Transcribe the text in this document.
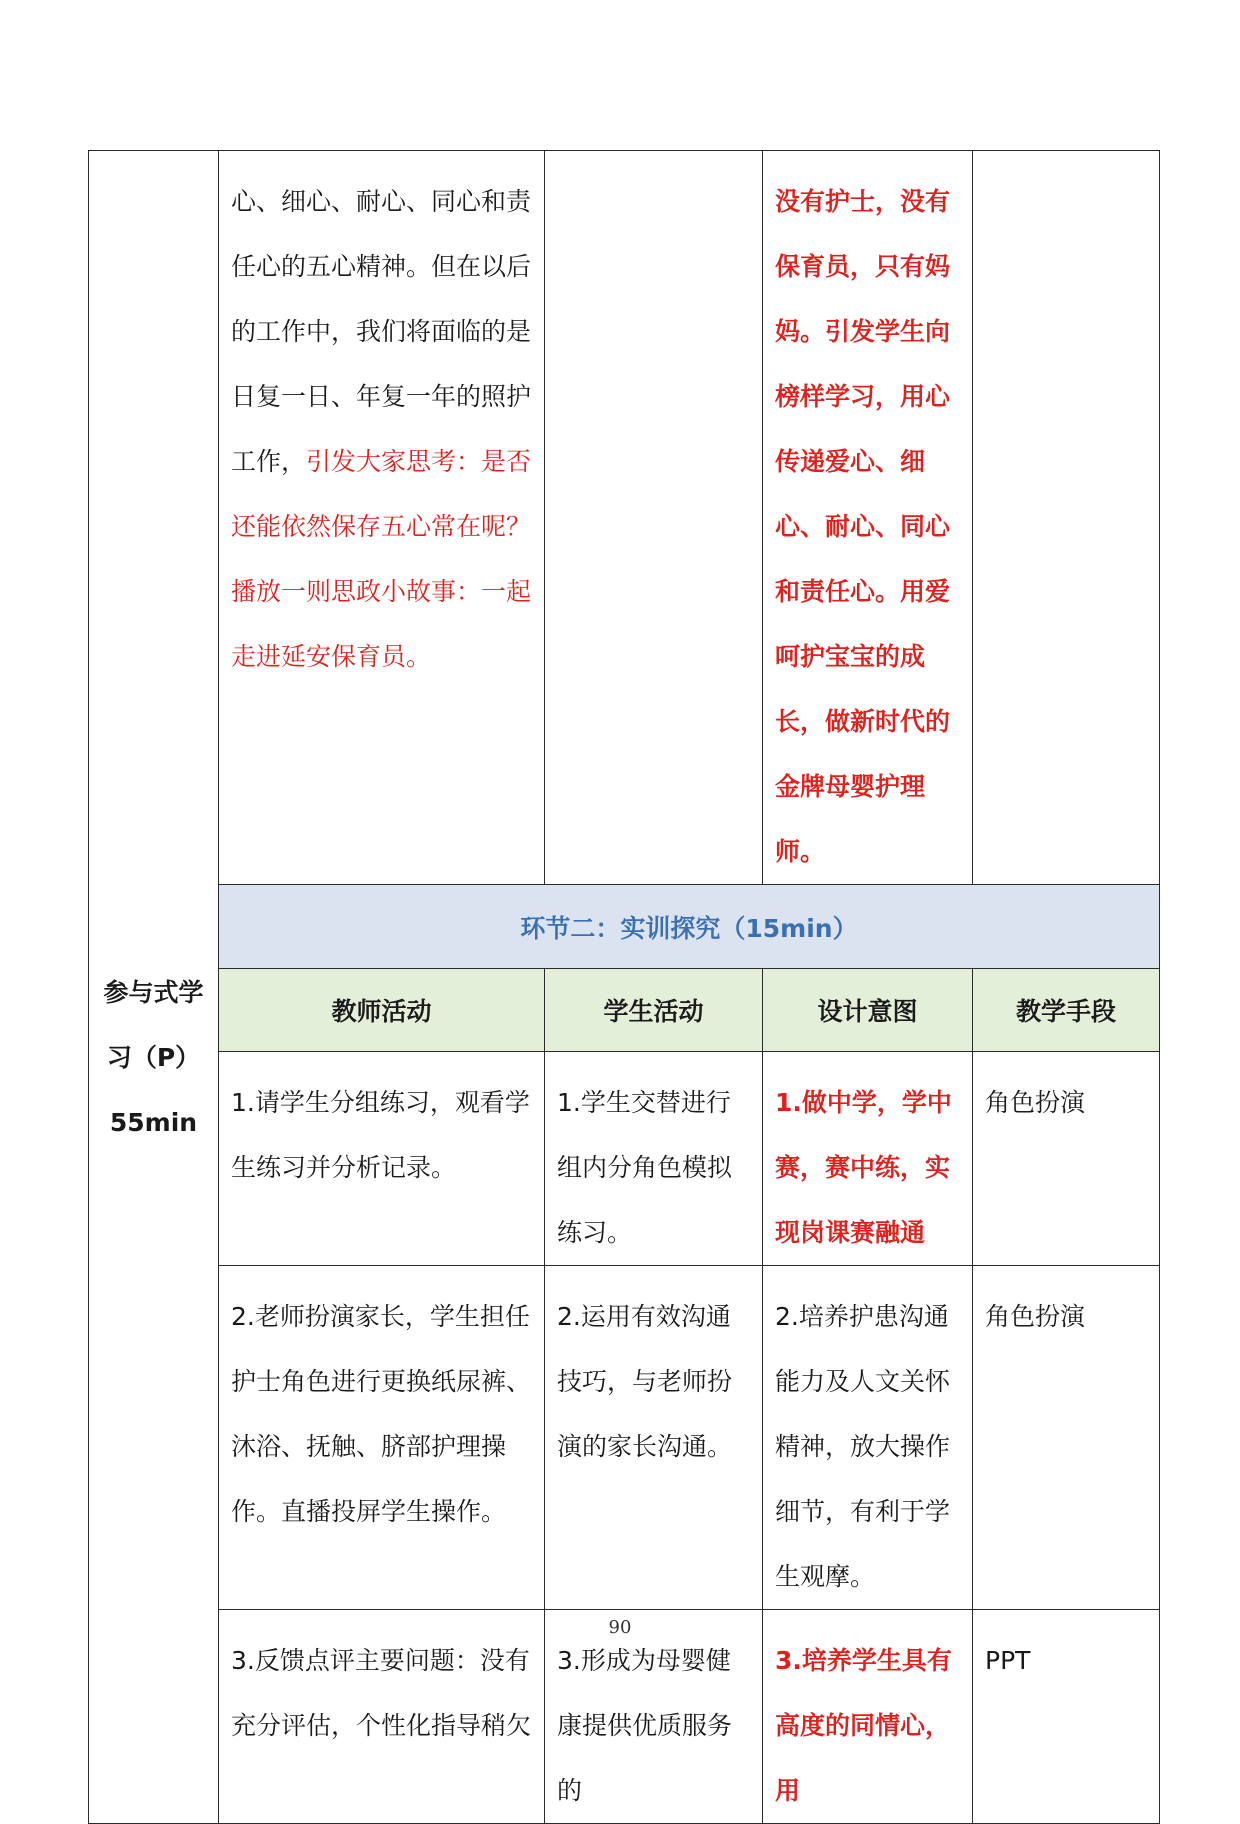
参与式学
习（P）
55min	心、细心、耐心、同心和责任心的五心精神。但在以后的工作中，我们将面临的是日复一日、年复一年的照护工作，引发大家思考：是否还能依然保存五心常在呢？播放一则思政小故事：一起走进延安保育员。		没有护士，没有保育员，只有妈妈。引发学生向榜样学习，用心传递爱心、细心、耐心、同心和责任心。用爱呵护宝宝的成长，做新时代的金牌母婴护理师。	

	环节二：实训探究（15min）			
	教师活动	学生活动	设计意图	教学手段

	1.请学生分组练习，观看学生练习并分析记录。	1.学生交替进行组内分角色模拟练习。	1.做中学，学中赛，赛中练，实现岗课赛融通	角色扮演

	2.老师扮演家长，学生担任护士角色进行更换纸尿裤、沐浴、抚触、脐部护理操作。直播投屏学生操作。	2.运用有效沟通技巧，与老师扮演的家长沟通。	2.培养护患沟通能力及人文关怀精神，放大操作细节，有利于学生观摩。	角色扮演

	3.反馈点评主要问题：没有充分评估，个性化指导稍欠	3.形成为母婴健康提供优质服务的	3.培养学生具有高度的同情心，用	PPT
90
